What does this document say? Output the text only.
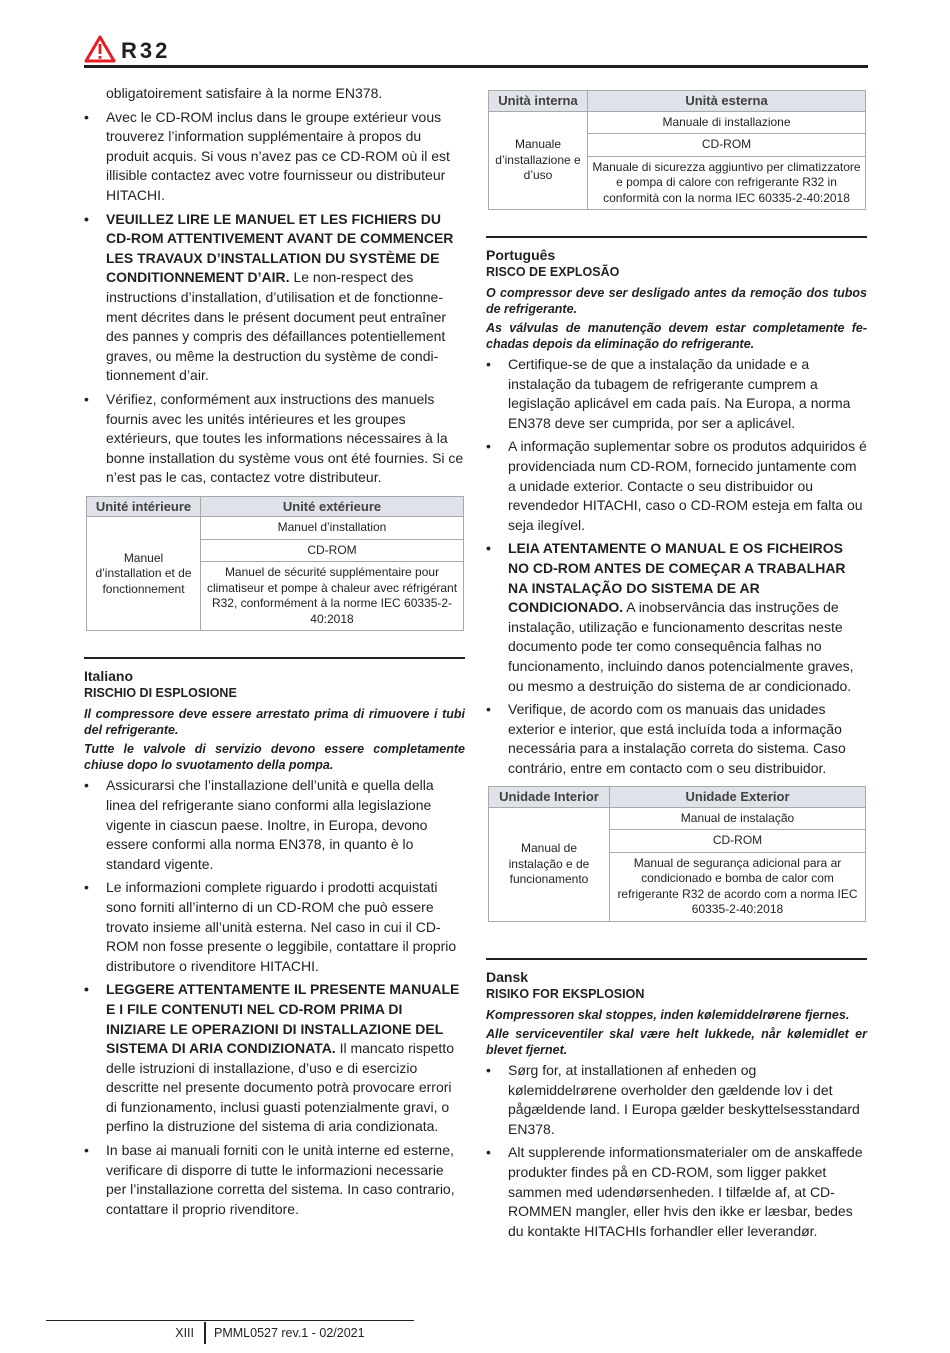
R32

obligatoirement satisfaire à la norme EN378.

• Avec le CD-ROM inclus dans le groupe extérieur vous trouverez l’information supplémentaire à propos du produit acquis. Si vous n’avez pas ce CD-ROM où il est illisible contactez avec votre fournisseur ou distributeur HITACHI.
• VEUILLEZ LIRE LE MANUEL ET LES FICHIERS DU CD-ROM ATTENTIVEMENT AVANT DE COMMENCER LES TRAVAUX D’INSTALLATION DU SYSTÈME DE CONDITIONNEMENT D’AIR. Le non-respect des instructions d’installation, d’utilisation et de fonctionnement décrites dans le présent document peut entraîner des pannes y compris des défaillances potentiellement graves, ou même la destruction du système de conditionnement d’air.
• Vérifiez, conformément aux instructions des manuels fournis avec les unités intérieures et les groupes extérieurs, que toutes les informations nécessaires à la bonne installation du système vous ont été fournies. Si ce n’est pas le cas, contactez votre distributeur.
Unité intérieure	Unité extérieure
Manuel d’installation et de fonctionnement	Manuel d’installation
	CD-ROM
	Manuel de sécurité supplémentaire pour climatiseur et pompe à chaleur avec réfrigérant R32, conformément à la norme IEC 60335-2-40:2018
Italiano
RISCHIO DI ESPLOSIONE

Il compressore deve essere arrestato prima di rimuovere i tubi del refrigerante.

Tutte le valvole di servizio devono essere completamente chiuse dopo lo svuotamento della pompa.

• Assicurarsi che l’installazione dell’unità e quella della linea del refrigerante siano conformi alla legislazione vigente in ciascun paese. Inoltre, in Europa, devono essere conformi alla norma EN378, in quanto è lo standard vigente.
• Le informazioni complete riguardo i prodotti acquistati sono forniti all’interno di un CD-ROM che può essere trovato insieme all’unità esterna. Nel caso in cui il CD-ROM non fosse presente o leggibile, contattare il proprio distributore o rivenditore HITACHI.
• LEGGERE ATTENTAMENTE IL PRESENTE MANUALE E I FILE CONTENUTI NEL CD-ROM PRIMA DI INIZIARE LE OPERAZIONI DI INSTALLAZIONE DEL SISTEMA DI ARIA CONDIZIONATA. Il mancato rispetto delle istruzioni di installazione, d’uso e di esercizio descritte nel presente documento potrà provocare errori di funzionamento, inclusi guasti potenzialmente gravi, o perfino la distruzione del sistema di aria condizionata.
• In base ai manuali forniti con le unità interne ed esterne, verificare di disporre di tutte le informazioni necessarie per l’installazione corretta del sistema. In caso contrario, contattare il proprio rivenditore.
Unità interna	Unità esterna
Manuale d’installazione e d’uso	Manuale di installazione
	CD-ROM
	Manuale di sicurezza aggiuntivo per climatizzatore e pompa di calore con refrigerante R32 in conformità con la norma IEC 60335-2-40:2018
Português
RISCO DE EXPLOSÃO

O compressor deve ser desligado antes da remoção dos tubos de refrigerante.

As válvulas de manutenção devem estar completamente fechadas depois da eliminação do refrigerante.

• Certifique-se de que a instalação da unidade e a instalação da tubagem de refrigerante cumprem a legislação aplicável em cada país. Na Europa, a norma EN378 deve ser cumprida, por ser a aplicável.
• A informação suplementar sobre os produtos adquiridos é providenciada num CD-ROM, fornecido juntamente com a unidade exterior. Contacte o seu distribuidor ou revendedor HITACHI, caso o CD-ROM esteja em falta ou seja ilegível.
• LEIA ATENTAMENTE O MANUAL E OS FICHEIROS NO CD-ROM ANTES DE COMEÇAR A TRABALHAR NA INSTALAÇÃO DO SISTEMA DE AR CONDICIONADO. A inobservância das instruções de instalação, utilização e funcionamento descritas neste documento pode ter como consequência falhas no funcionamento, incluindo danos potencialmente graves, ou mesmo a destruição do sistema de ar condicionado.
• Verifique, de acordo com os manuais das unidades exterior e interior, que está incluída toda a informação necessária para a instalação correta do sistema. Caso contrário, entre em contacto com o seu distribuidor.
Unidade Interior	Unidade Exterior
Manual de instalação e de funcionamento	Manual de instalação
	CD-ROM
	Manual de segurança adicional para ar condicionado e bomba de calor com refrigerante R32 de acordo com a norma IEC 60335-2-40:2018
Dansk
RISIKO FOR EKSPLOSION

Kompressoren skal stoppes, inden kølemiddelrørene fjernes.

Alle serviceventiler skal være helt lukkede, når kølemidlet er blevet fjernet.

• Sørg for, at installationen af enheden og kølemiddelrørene overholder den gældende lov i det pågældende land. I Europa gælder beskyttelsesstandard EN378.
• Alt supplerende informationsmaterialer om de anskaffede produkter findes på en CD-ROM, som ligger pakket sammen med udendørsenheden. I tilfælde af, at CD-ROMMEN mangler, eller hvis den ikke er læsbar, bedes du kontakte HITACHIs forhandler eller leverandør.
XIII PMML0527 rev.1 - 02/2021
